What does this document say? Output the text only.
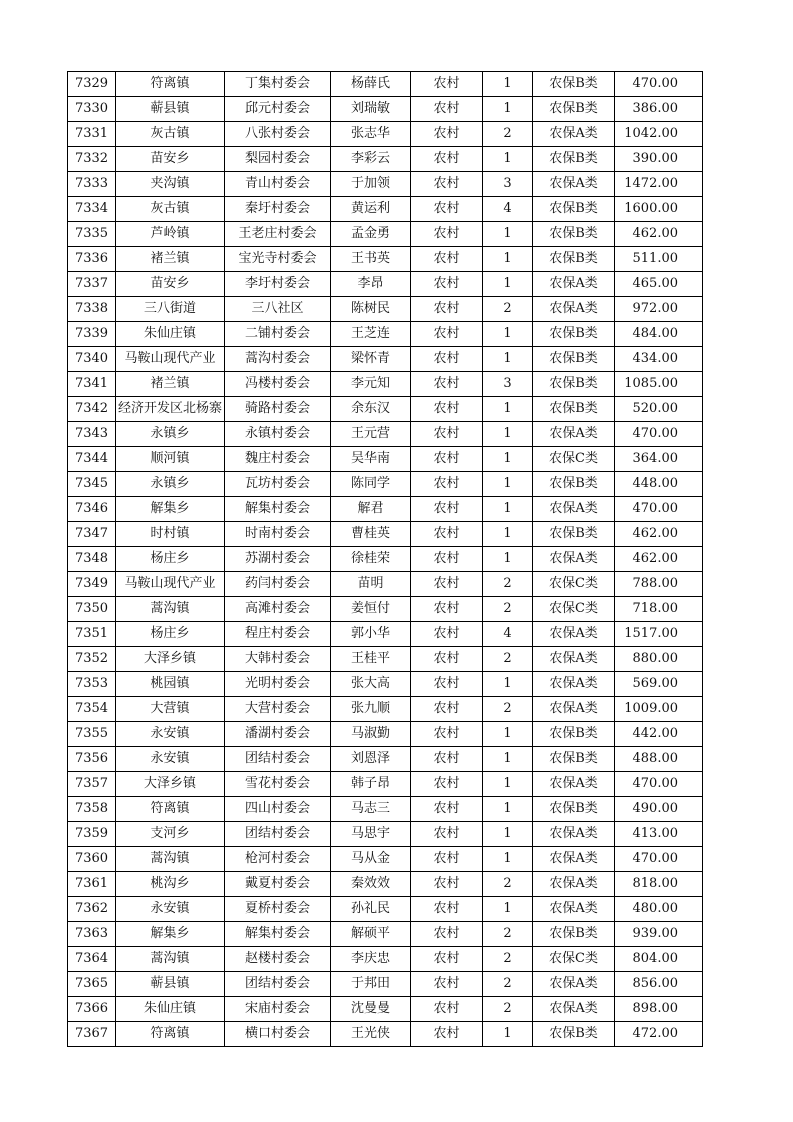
7329	符离镇	丁集村委会	杨薛氏	农村	1	农保B类	470.00
7330	蕲县镇	邱元村委会	刘瑞敏	农村	1	农保B类	386.00
7331	灰古镇	八张村委会	张志华	农村	2	农保A类	1042.00
7332	苗安乡	梨园村委会	李彩云	农村	1	农保B类	390.00
7333	夹沟镇	青山村委会	于加领	农村	3	农保A类	1472.00
7334	灰古镇	秦圩村委会	黄运利	农村	4	农保B类	1600.00
7335	芦岭镇	王老庄村委会	孟金勇	农村	1	农保B类	462.00
7336	褚兰镇	宝光寺村委会	王书英	农村	1	农保B类	511.00
7337	苗安乡	李圩村委会	李昂	农村	1	农保A类	465.00
7338	三八街道	三八社区	陈树民	农村	2	农保A类	972.00
7339	朱仙庄镇	二铺村委会	王芝连	农村	1	农保B类	484.00
7340	马鞍山现代产业	蒿沟村委会	梁怀青	农村	1	农保B类	434.00
7341	褚兰镇	冯楼村委会	李元知	农村	3	农保B类	1085.00
7342	经济开发区北杨寨	骑路村委会	余东汉	农村	1	农保B类	520.00
7343	永镇乡	永镇村委会	王元营	农村	1	农保A类	470.00
7344	顺河镇	魏庄村委会	吴华南	农村	1	农保C类	364.00
7345	永镇乡	瓦坊村委会	陈同学	农村	1	农保B类	448.00
7346	解集乡	解集村委会	解君	农村	1	农保A类	470.00
7347	时村镇	时南村委会	曹桂英	农村	1	农保B类	462.00
7348	杨庄乡	苏湖村委会	徐桂荣	农村	1	农保A类	462.00
7349	马鞍山现代产业	药闫村委会	苗明	农村	2	农保C类	788.00
7350	蒿沟镇	高滩村委会	姜恒付	农村	2	农保C类	718.00
7351	杨庄乡	程庄村委会	郭小华	农村	4	农保A类	1517.00
7352	大泽乡镇	大韩村委会	王桂平	农村	2	农保A类	880.00
7353	桃园镇	光明村委会	张大高	农村	1	农保A类	569.00
7354	大营镇	大营村委会	张九顺	农村	2	农保A类	1009.00
7355	永安镇	潘湖村委会	马淑勤	农村	1	农保B类	442.00
7356	永安镇	团结村委会	刘恩泽	农村	1	农保B类	488.00
7357	大泽乡镇	雪花村委会	韩子昂	农村	1	农保A类	470.00
7358	符离镇	四山村委会	马志三	农村	1	农保B类	490.00
7359	支河乡	团结村委会	马思宇	农村	1	农保A类	413.00
7360	蒿沟镇	枪河村委会	马从金	农村	1	农保A类	470.00
7361	桃沟乡	戴夏村委会	秦效效	农村	2	农保A类	818.00
7362	永安镇	夏桥村委会	孙礼民	农村	1	农保A类	480.00
7363	解集乡	解集村委会	解硕平	农村	2	农保B类	939.00
7364	蒿沟镇	赵楼村委会	李庆忠	农村	2	农保C类	804.00
7365	蕲县镇	团结村委会	于邦田	农村	2	农保A类	856.00
7366	朱仙庄镇	宋庙村委会	沈曼曼	农村	2	农保A类	898.00
7367	符离镇	横口村委会	王光侠	农村	1	农保B类	472.00
